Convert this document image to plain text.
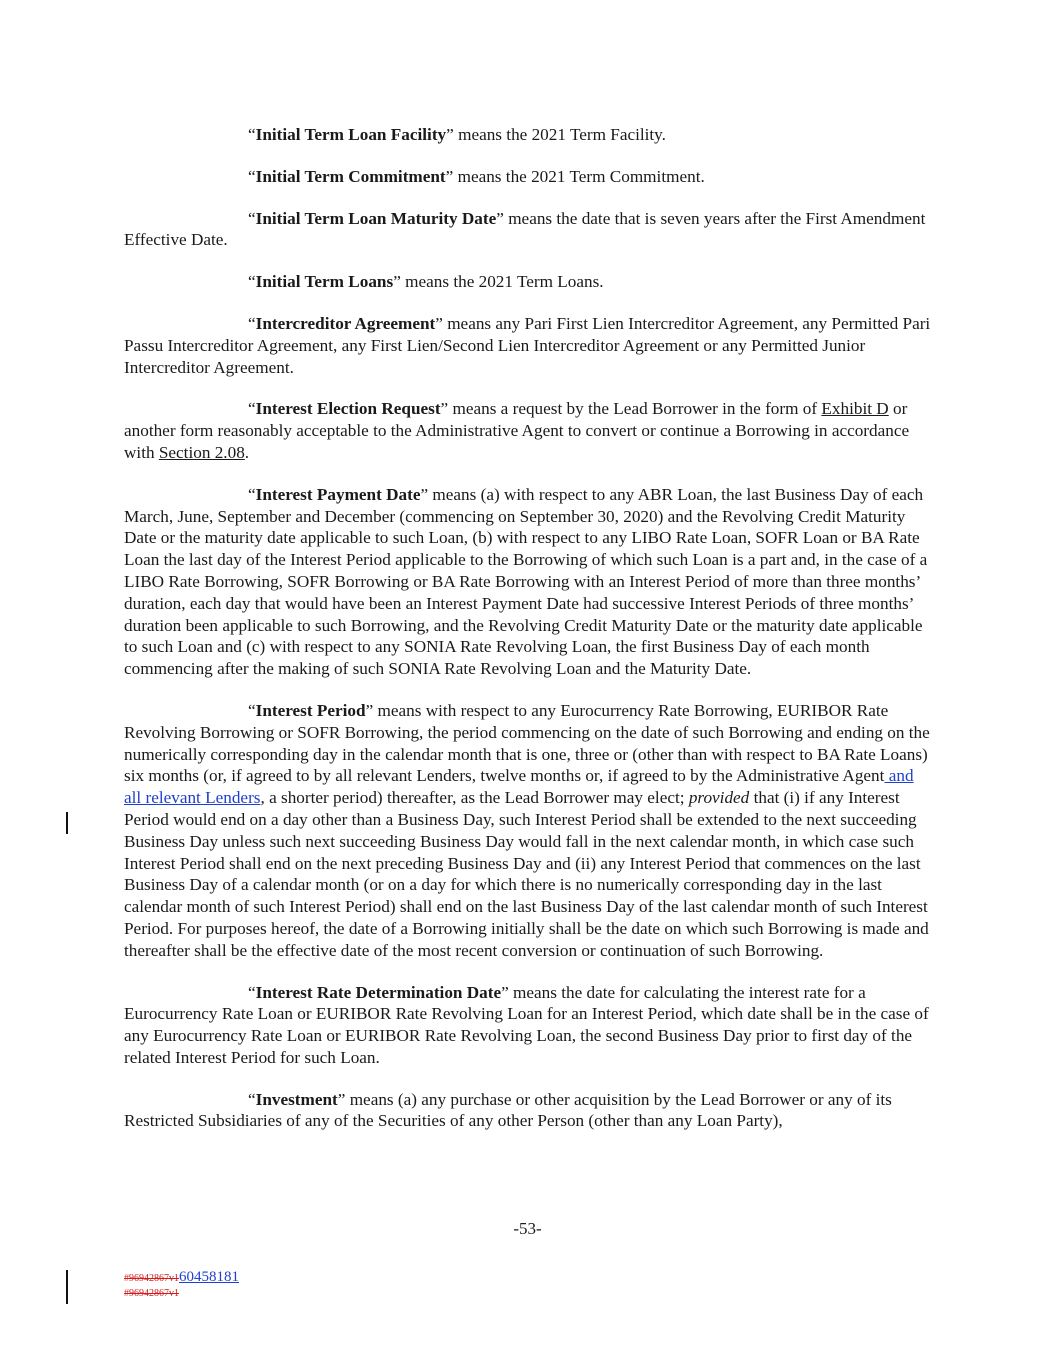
“Initial Term Loan Facility” means the 2021 Term Facility.

“Initial Term Commitment” means the 2021 Term Commitment.

“Initial Term Loan Maturity Date” means the date that is seven years after the First Amendment Effective Date.

“Initial Term Loans” means the 2021 Term Loans.

“Intercreditor Agreement” means any Pari First Lien Intercreditor Agreement, any Permitted Pari Passu Intercreditor Agreement, any First Lien/Second Lien Intercreditor Agreement or any Permitted Junior Intercreditor Agreement.

“Interest Election Request” means a request by the Lead Borrower in the form of Exhibit D or another form reasonably acceptable to the Administrative Agent to convert or continue a Borrowing in accordance with Section 2.08.

“Interest Payment Date” means (a) with respect to any ABR Loan, the last Business Day of each March, June, September and December (commencing on September 30, 2020) and the Revolving Credit Maturity Date or the maturity date applicable to such Loan, (b) with respect to any LIBO Rate Loan, SOFR Loan or BA Rate Loan the last day of the Interest Period applicable to the Borrowing of which such Loan is a part and, in the case of a LIBO Rate Borrowing, SOFR Borrowing or BA Rate Borrowing with an Interest Period of more than three months’ duration, each day that would have been an Interest Payment Date had successive Interest Periods of three months’ duration been applicable to such Borrowing, and the Revolving Credit Maturity Date or the maturity date applicable to such Loan and (c) with respect to any SONIA Rate Revolving Loan, the first Business Day of each month commencing after the making of such SONIA Rate Revolving Loan and the Maturity Date.

“Interest Period” means with respect to any Eurocurrency Rate Borrowing, EURIBOR Rate Revolving Borrowing or SOFR Borrowing, the period commencing on the date of such Borrowing and ending on the numerically corresponding day in the calendar month that is one, three or (other than with respect to BA Rate Loans) six months (or, if agreed to by all relevant Lenders, twelve months or, if agreed to by the Administrative Agent and all relevant Lenders, a shorter period) thereafter, as the Lead Borrower may elect; provided that (i) if any Interest Period would end on a day other than a Business Day, such Interest Period shall be extended to the next succeeding Business Day unless such next succeeding Business Day would fall in the next calendar month, in which case such Interest Period shall end on the next preceding Business Day and (ii) any Interest Period that commences on the last Business Day of a calendar month (or on a day for which there is no numerically corresponding day in the last calendar month of such Interest Period) shall end on the last Business Day of the last calendar month of such Interest Period. For purposes hereof, the date of a Borrowing initially shall be the date on which such Borrowing is made and thereafter shall be the effective date of the most recent conversion or continuation of such Borrowing.

“Interest Rate Determination Date” means the date for calculating the interest rate for a Eurocurrency Rate Loan or EURIBOR Rate Revolving Loan for an Interest Period, which date shall be in the case of any Eurocurrency Rate Loan or EURIBOR Rate Revolving Loan, the second Business Day prior to first day of the related Interest Period for such Loan.

“Investment” means (a) any purchase or other acquisition by the Lead Borrower or any of its Restricted Subsidiaries of any of the Securities of any other Person (other than any Loan Party),

-53-
#96942867v160458181
#96942867v1
